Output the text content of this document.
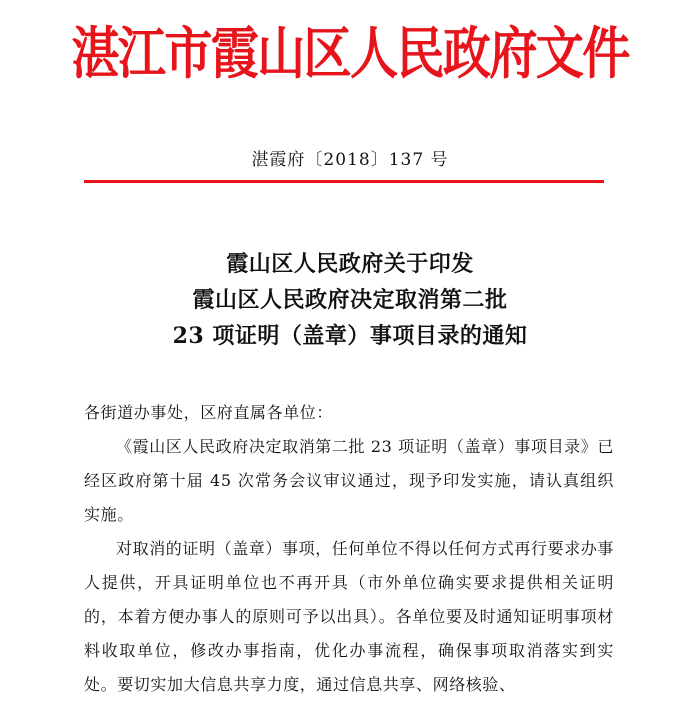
湛江市霞山区人民政府文件
湛霞府〔2018〕137 号
霞山区人民政府关于印发
霞山区人民政府决定取消第二批
23 项证明（盖章）事项目录的通知

各街道办事处，区府直属各单位：

《霞山区人民政府决定取消第二批 23 项证明（盖章）事项目录》已经区政府第十届 45 次常务会议审议通过，现予印发实施，请认真组织实施。

对取消的证明（盖章）事项，任何单位不得以任何方式再行要求办事人提供，开具证明单位也不再开具（市外单位确实要求提供相关证明的，本着方便办事人的原则可予以出具）。各单位要及时通知证明事项材料收取单位，修改办事指南，优化办事流程，确保事项取消落实到实处。要切实加大信息共享力度，通过信息共享、网络核验、
